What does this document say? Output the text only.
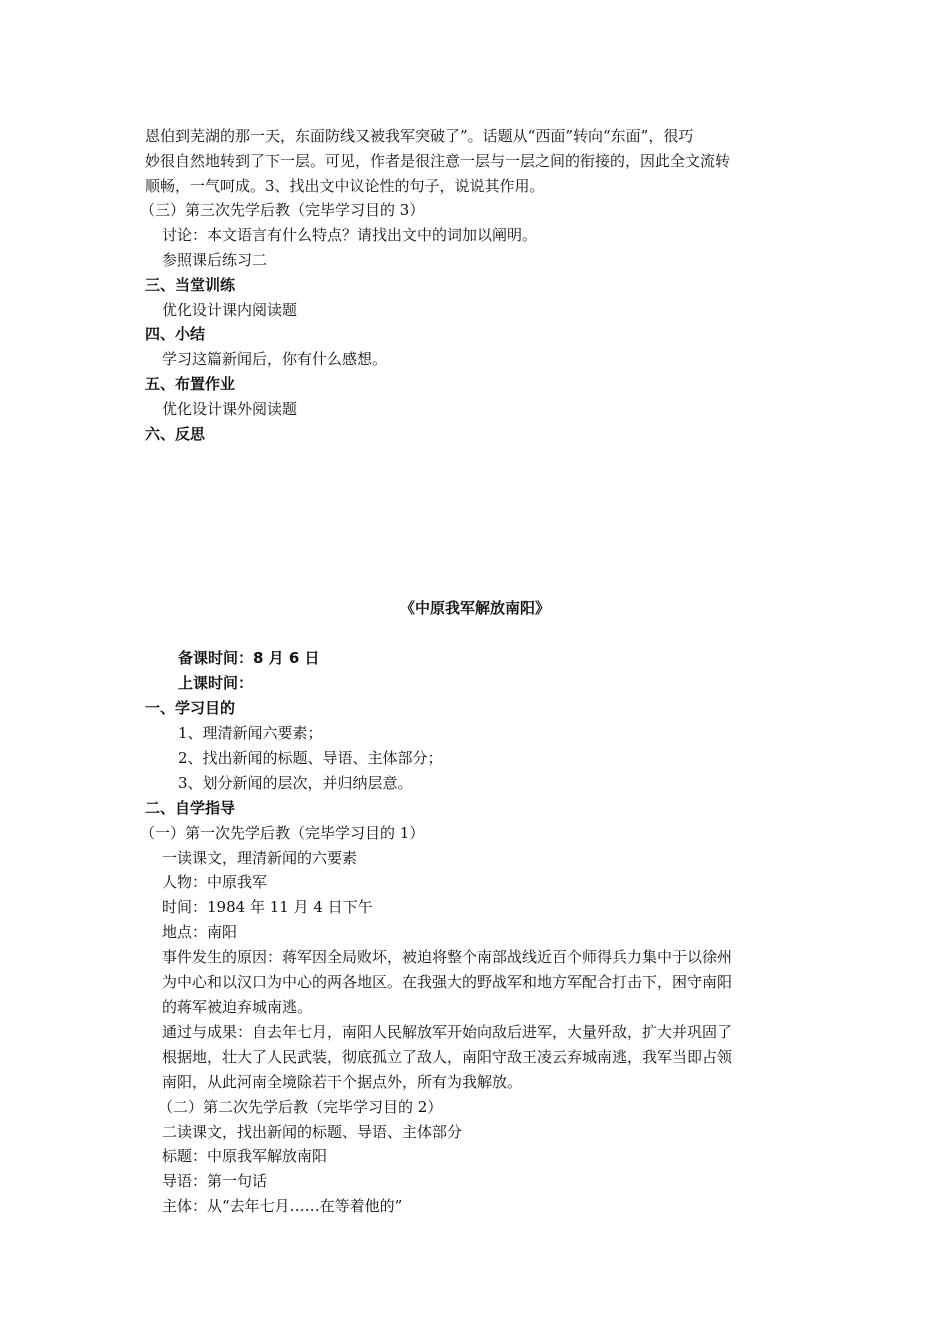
恩伯到芜湖的那一天，东面防线又被我军突破了”。话题从“西面”转向“东面”，很巧
妙很自然地转到了下一层。可见，作者是很注意一层与一层之间的衔接的，因此全文流转
顺畅，一气呵成。3、找出文中议论性的句子，说说其作用。
（三）第三次先学后教（完毕学习目的 3）
讨论：本文语言有什么特点？请找出文中的词加以阐明。
参照课后练习二
三、当堂训练
优化设计课内阅读题
四、小结
学习这篇新闻后，你有什么感想。
五、布置作业
优化设计课外阅读题
六、反思
《中原我军解放南阳》
备课时间：8 月 6 日
上课时间：
一、学习目的
1、理清新闻六要素；
2、找出新闻的标题、导语、主体部分；
3、划分新闻的层次，并归纳层意。
二、自学指导
（一）第一次先学后教（完毕学习目的 1）
一读课文，理清新闻的六要素
人物：中原我军
时间：1984 年 11 月 4 日下午
地点：南阳
事件发生的原因：蒋军因全局败坏，被迫将整个南部战线近百个师得兵力集中于以徐州
为中心和以汉口为中心的两各地区。在我强大的野战军和地方军配合打击下，困守南阳
的蒋军被迫弃城南逃。
通过与成果：自去年七月，南阳人民解放军开始向敌后进军，大量歼敌，扩大并巩固了
根据地，壮大了人民武装，彻底孤立了敌人，南阳守敌王凌云弃城南逃，我军当即占领
南阳，从此河南全境除若干个据点外，所有为我解放。
（二）第二次先学后教（完毕学习目的 2）
二读课文，找出新闻的标题、导语、主体部分
标题：中原我军解放南阳
导语：第一句话
主体：从“去年七月……在等着他的”
